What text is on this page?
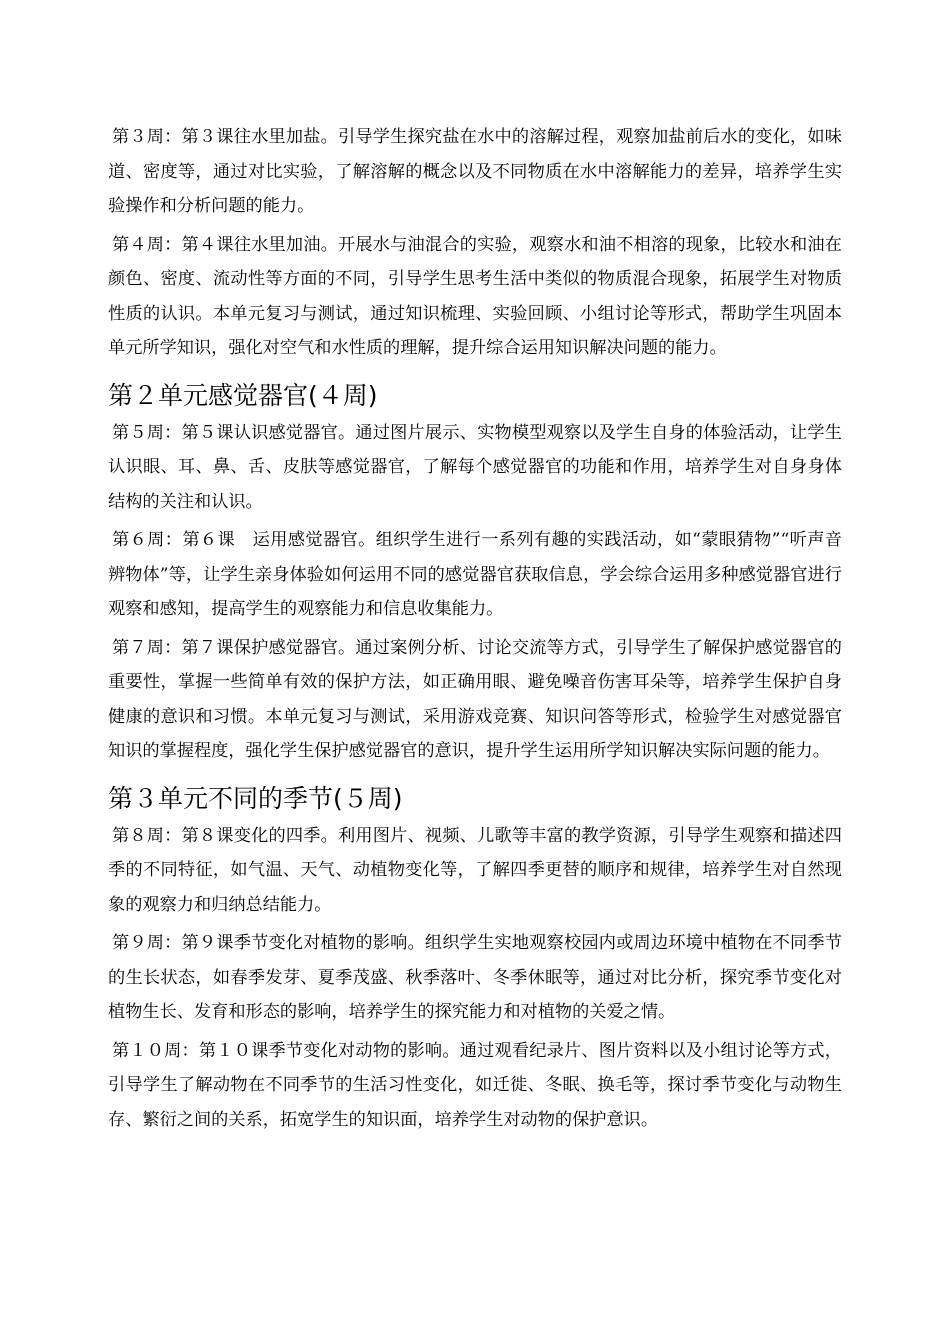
第３周：第３课往水里加盐。引导学生探究盐在水中的溶解过程，观察加盐前后水的变化，如味道、密度等，通过对比实验，了解溶解的概念以及不同物质在水中溶解能力的差异，培养学生实验操作和分析问题的能力。

第４周：第４课往水里加油。开展水与油混合的实验，观察水和油不相溶的现象，比较水和油在颜色、密度、流动性等方面的不同，引导学生思考生活中类似的物质混合现象，拓展学生对物质性质的认识。本单元复习与测试，通过知识梳理、实验回顾、小组讨论等形式，帮助学生巩固本单元所学知识，强化对空气和水性质的理解，提升综合运用知识解决问题的能力。

第２单元感觉器官(４周)

第５周：第５课认识感觉器官。通过图片展示、实物模型观察以及学生自身的体验活动，让学生认识眼、耳、鼻、舌、皮肤等感觉器官，了解每个感觉器官的功能和作用，培养学生对自身身体结构的关注和认识。

第６周：第６课　运用感觉器官。组织学生进行一系列有趣的实践活动，如“蒙眼猜物”“听声音辨物体”等，让学生亲身体验如何运用不同的感觉器官获取信息，学会综合运用多种感觉器官进行观察和感知，提高学生的观察能力和信息收集能力。

第７周：第７课保护感觉器官。通过案例分析、讨论交流等方式，引导学生了解保护感觉器官的重要性，掌握一些简单有效的保护方法，如正确用眼、避免噪音伤害耳朵等，培养学生保护自身健康的意识和习惯。本单元复习与测试，采用游戏竞赛、知识问答等形式，检验学生对感觉器官知识的掌握程度，强化学生保护感觉器官的意识，提升学生运用所学知识解决实际问题的能力。

第３单元不同的季节(５周)

第８周：第８课变化的四季。利用图片、视频、儿歌等丰富的教学资源，引导学生观察和描述四季的不同特征，如气温、天气、动植物变化等，了解四季更替的顺序和规律，培养学生对自然现象的观察力和归纳总结能力。

第９周：第９课季节变化对植物的影响。组织学生实地观察校园内或周边环境中植物在不同季节的生长状态，如春季发芽、夏季茂盛、秋季落叶、冬季休眠等，通过对比分析，探究季节变化对植物生长、发育和形态的影响，培养学生的探究能力和对植物的关爱之情。

第１０周：第１０课季节变化对动物的影响。通过观看纪录片、图片资料以及小组讨论等方式，引导学生了解动物在不同季节的生活习性变化，如迁徙、冬眠、换毛等，探讨季节变化与动物生存、繁衍之间的关系，拓宽学生的知识面，培养学生对动物的保护意识。
